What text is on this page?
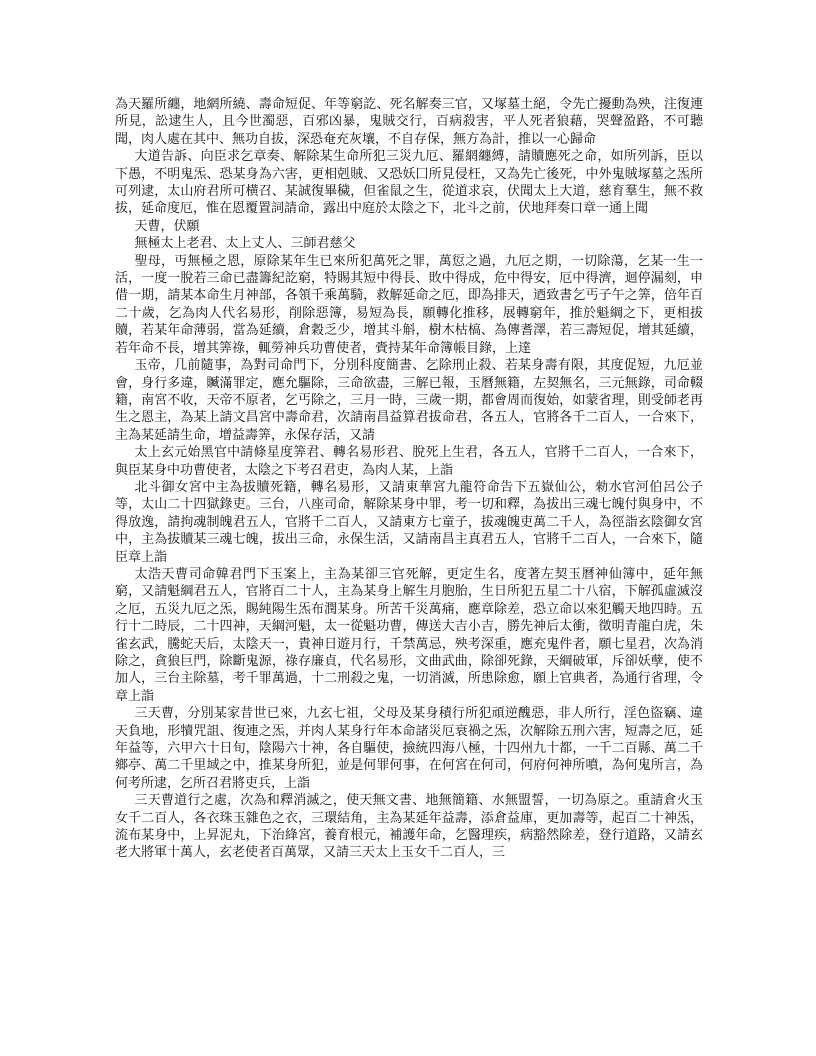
為天羅所纏，地網所繞、壽命短促、年等窮訖、死名解奏三官，又塚墓土絕，令先亡擾動為殃，注復連所見，訟逮生人，且今世濁惡，百邪凶暴，鬼賊交行，百病殺害，平人死者狼藉，哭聲盈路，不可聽聞，肉人處在其中、無功自拔，深恐奄充灰壤，不自存保，無方為計，推以一心歸命

大道告訴、向臣求乞章奏、解除某生命所犯三災九厄、羅網纏縛，請贖應死之命，如所列訴，臣以下愚，不明鬼炁、恐某身為六害，更相剋賊、又恐妖囗所見侵枉，又為先亡後死，中外鬼賊塚墓之炁所可列逮，太山府君所可横召、某誠復畢穢，但雀鼠之生，從道求哀，伏聞太上大道，慈育羣生，無不救拔，延命度厄，惟在恩覆置詞請命，露出中庭於太陰之下，北斗之前，伏地拜奏口章一通上聞

天曹，伏願

無極太上老君、太上丈人、三師君慈父

聖母，丏無極之恩，原除某年生已來所犯萬死之罪，萬愆之過，九厄之期，一切除蕩，乞某一生一活，一度一脫若三命已盡籌紀訖窮，特賜其短中得長、敗中得成，危中得安，厄中得濟，迴停漏刻，申借一期，請某本命生月神部，各領千乘萬騎，救解延命之厄，即為排天，迺致書乞丐子午之筭，倍年百二十歲，乞為肉人代名易形，削除惡簿，易短為長，願轉化推移，展轉窮年，推於魁綱之下，更相拔贖，若某年命薄弱，當為延續，倉穀乏少，增其斗斛，樹木枯槁、為傳耆澤，若三壽短促，增其延續，若年命不長，增其筭祿，輒勞神兵功曹使者，賫持某年命簿帳目錄，上達

玉帝，几前隨事，為對司命門下，分別科度簡書、乞除刑止殺、若某身壽有限，其度促短，九厄並會，身行多違，贓滿罪定，應允驅除，三命欲盡，三解已報，玉曆無籍，左契無名，三元無錄，司命輟籍，南宮不收，天帝不原者，乞丐除之，三月一時，三歲一期，都會周而復始，如蒙省理，則受師老再生之恩主，為某上請文昌宮中壽命君，次請南昌益算君拔命君，各五人，官將各千二百人，一合來下，主為某延請生命，增益壽筭，永保存活，又請

太上玄元始黑官中請條星度筭君、轉名易形君、脫死上生君，各五人，官將千二百人，一合來下，與臣某身中功曹使者，太陰之下考召君吏，為肉人某，上詣

北斗御女宮中主為拔贖死籍，轉名易形，又請東華宮九龍符命告下五嶽仙公，勑水官河伯呂公子等，太山二十四獄錄吏。三台，八座司命，解除某身中罪，考一切和釋，為拔出三魂七魄付與身中，不得放逸，請拘魂制魄君五人，官將千二百人，又請東方七童子，拔魂魄吏萬二千人，為徑詣玄陰御女宮中，主為拔贖某三魂七魄，拔出三命，永保生活，又請南昌主真君五人，官將千二百人，一合來下，隨臣章上詣

太浩天曹司命韓君門下玉案上，主為某卻三官死解，更定生名，度著左契玉曆神仙簿中，延年無窮，又請魁綱君五人，官將百二十人，主為某身上解生月胞胎，生日所犯五星二十八宿，下解孤虛滅沒之厄，五災九厄之炁，賜純陽生炁布潤某身。所苦千災萬痛，應章除差，恐立命以來犯觸天地四時。五行十二時辰，二十四神，天綱河魁，太一從魁功曹，傳送大吉小吉，勝先神后太衝，徵明青龍白虎，朱雀玄武，騰蛇天后，太陰天一，貴神日遊月行，千禁萬忌，殃考深重，應充鬼件者，願七星君，次為消除之，貪狼巨門，除斷鬼源，祿存廉貞，代名易形，文曲武曲，除卻死錄，天綱破軍，斥卻妖孽，使不加人，三台主除墓，考千罪萬過，十二刑殺之鬼，一切消滅，所患除愈，願上官典者，為通行省理，令章上詣

三天曹，分別某家昔世已來，九玄七祖，父母及某身積行所犯頑逆醜惡，非人所行，淫色盜竊、違天負地，形犢咒詛、復連之炁，并肉人某身行年本命諸災厄衰禍之炁，次解除五刑六害，短壽之厄，延年益等，六甲六十日旬，陰陽六十神，各自驅使，撿統四海八極，十四州九十都，一千二百縣、萬二千鄉亭、萬二千里域之中，推某身所犯，並是何罪何事，在何宮在何司，何府何神所噴，為何鬼所言，為何考所逮，乞所召君將吏兵，上詣

三天曹道行之處，次為和釋消滅之，使天無文書、地無簡籍、水無盟誓，一切為原之。重請倉火玉女千二百人，各衣珠玉雜色之衣，三環結角，主為某延年益壽，添倉益庫，更加壽等，起百二十神炁，流布某身中，上昇泥丸，下治綘宮，養育根元，補護年命，乞醫理疾，病豁然除差，登行道路，又請玄老大將軍十萬人，玄老使者百萬眾，又請三天太上玉女千二百人，三
